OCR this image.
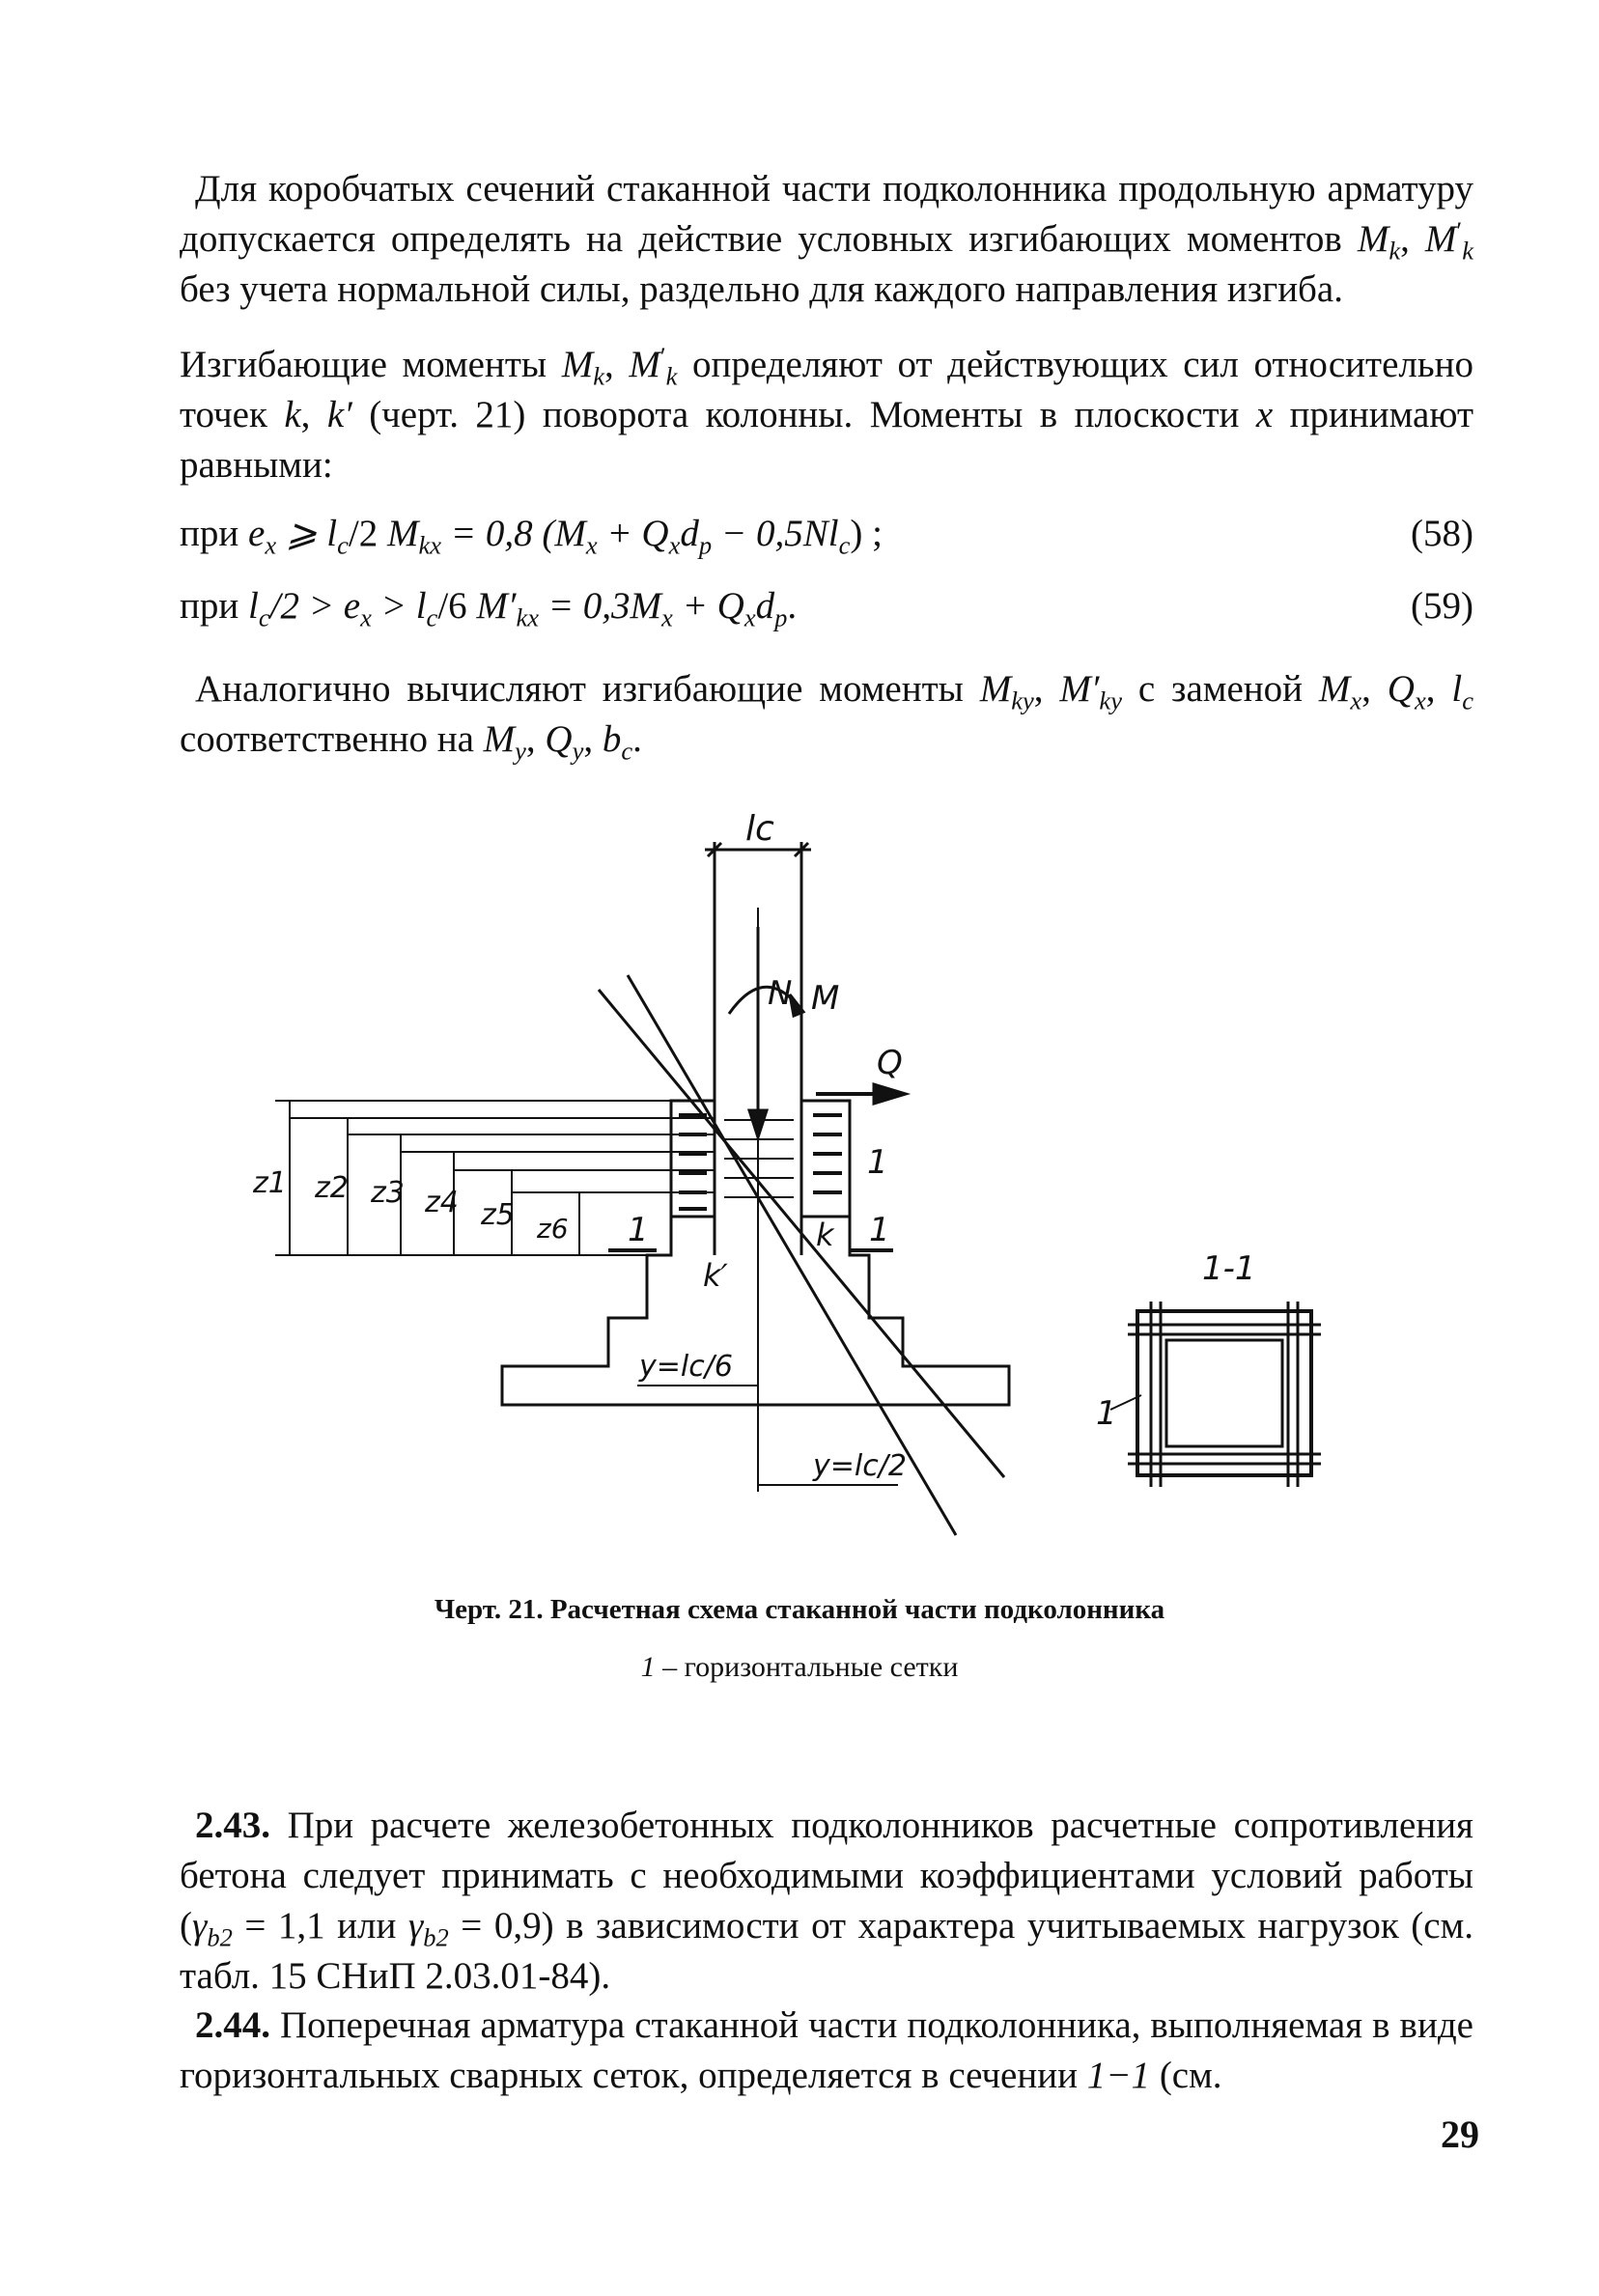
Для коробчатых сечений стаканной части подколонника продольную арматуру допускается определять на действие условных изгибающих моментов $M_k$, $M'_k$ без учета нормальной силы, раздельно для каждого направления изгиба.
Изгибающие моменты $M_k$, $M'_k$ определяют от действующих сил относительно точек k, k′ (черт. 21) поворота колонны. Моменты в плоскости x принимают равными:
при $e_x$ ⩾ $l_c/2$ $M_{kx} = 0,8$ $(M_x + Q_xd_p - 0,5Nl_c)$ ;	(58)
при $l_c/2 > e_x > l_c/6$ $M'_{kx} = 0,3M_x + Q_xd_p$.	(59)
Аналогично вычисляют изгибающие моменты $M_{ky}$, $M'_{ky}$ с заменой $M_x$, $Q_x$, $l_c$ соответственно на $M_y$, $Q_y$, $b_c$.
lc
N M
Q
z1 z2 z3 z4 z5 z6 1	1
1
k
k′
y=lc/6
y=lc/2
1-1
1
Черт. 21. Расчетная схема стаканной части подколонника
1 – горизонтальные сетки
2.43. При расчете железобетонных подколонников расчетные сопротивления бетона следует принимать с необходимыми коэффициентами условий работы ($\gamma_{b2} = 1,1$ или $\gamma_{b2} = 0,9$) в зависимости от характера учитываемых нагрузок (см. табл. 15 СНиП 2.03.01-84).
2.44. Поперечная арматура стаканной части подколонника, выполняемая в виде горизонтальных сварных сеток, определяется в сечении 1−1 (см.
29
